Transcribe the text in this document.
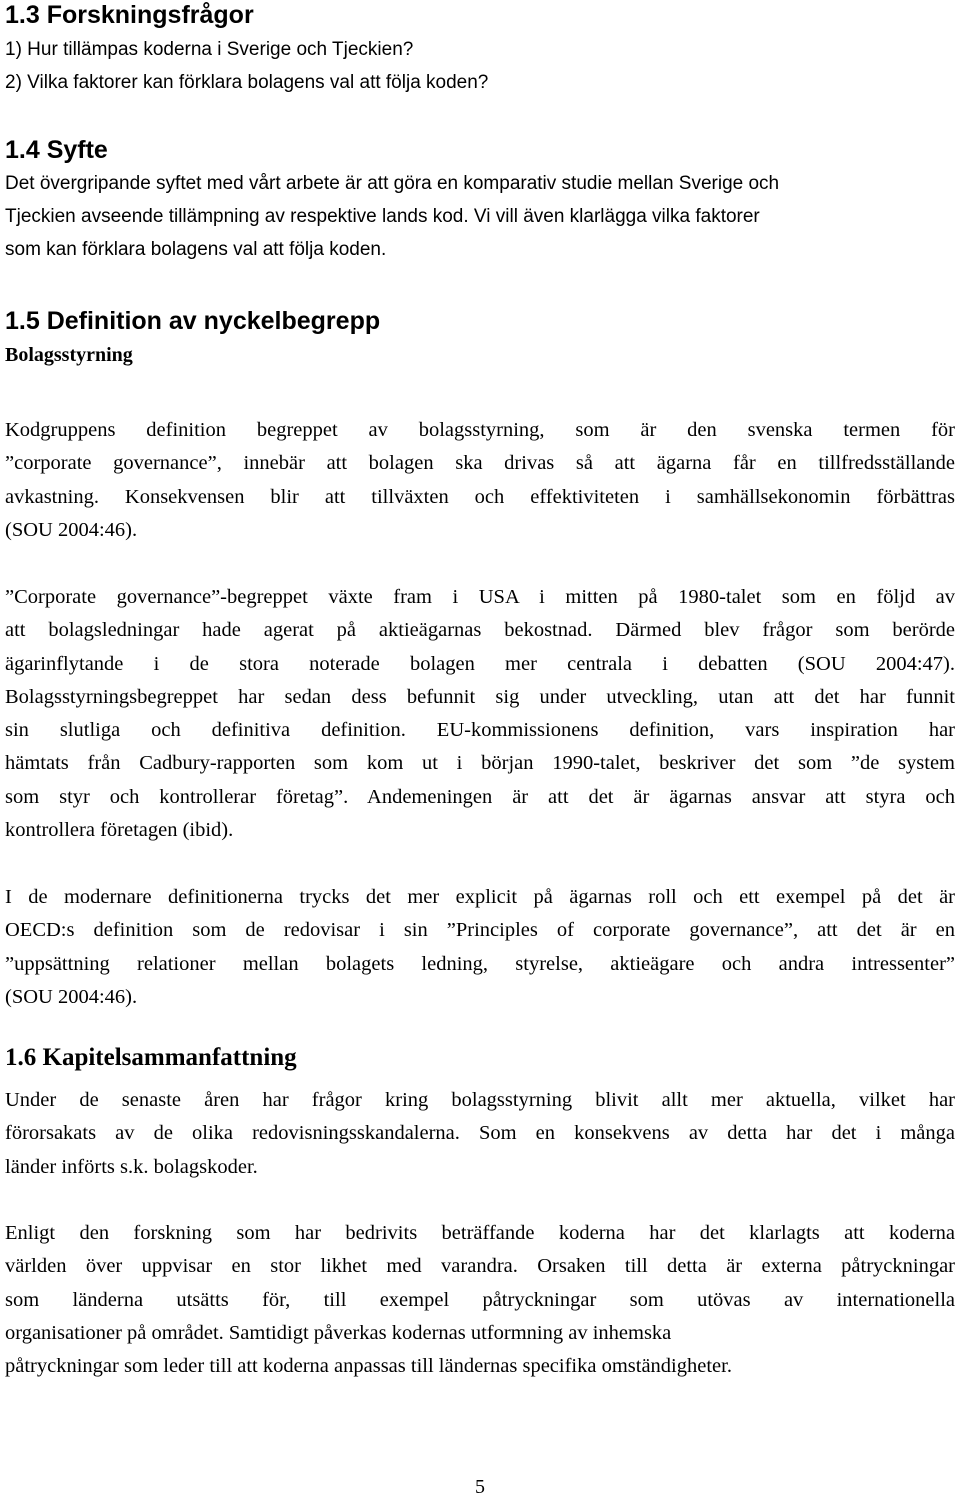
1.3 Forskningsfrågor
1) Hur tillämpas koderna i Sverige och Tjeckien?
2) Vilka faktorer kan förklara bolagens val att följa koden?
1.4 Syfte
Det övergripande syftet med vårt arbete är att göra en komparativ studie mellan Sverige och
Tjeckien avseende tillämpning av respektive lands kod. Vi vill även klarlägga vilka faktorer
som kan förklara bolagens val att följa koden.
1.5 Definition av nyckelbegrepp
Bolagsstyrning
Kodgruppens definition begreppet av bolagsstyrning, som är den svenska termen för
”corporate governance”, innebär att bolagen ska drivas så att ägarna får en tillfredsställande
avkastning. Konsekvensen blir att tillväxten och effektiviteten i samhällsekonomin förbättras
(SOU 2004:46).
”Corporate governance”-begreppet växte fram i USA i mitten på 1980-talet som en följd av
att bolagsledningar hade agerat på aktieägarnas bekostnad. Därmed blev frågor som berörde
ägarinflytande i de stora noterade bolagen mer centrala i debatten (SOU 2004:47).
Bolagsstyrningsbegreppet har sedan dess befunnit sig under utveckling, utan att det har funnit
sin slutliga och definitiva definition. EU-kommissionens definition, vars inspiration har
hämtats från Cadbury-rapporten som kom ut i början 1990-talet, beskriver det som ”de system
som styr och kontrollerar företag”. Andemeningen är att det är ägarnas ansvar att styra och
kontrollera företagen (ibid).
I de modernare definitionerna trycks det mer explicit på ägarnas roll och ett exempel på det är
OECD:s definition som de redovisar i sin ”Principles of corporate governance”, att det är en
”uppsättning relationer mellan bolagets ledning, styrelse, aktieägare och andra intressenter”
(SOU 2004:46).
1.6 Kapitelsammanfattning
Under de senaste åren har frågor kring bolagsstyrning blivit allt mer aktuella, vilket har
förorsakats av de olika redovisningsskandalerna. Som en konsekvens av detta har det i många
länder införts s.k. bolagskoder.
Enligt den forskning som har bedrivits beträffande koderna har det klarlagts att koderna
världen över uppvisar en stor likhet med varandra. Orsaken till detta är externa påtryckningar
som länderna utsätts för, till exempel påtryckningar som utövas av internationella
organisationer på området. Samtidigt påverkas kodernas utformning av inhemska
påtryckningar som leder till att koderna anpassas till ländernas specifika omständigheter.
5
